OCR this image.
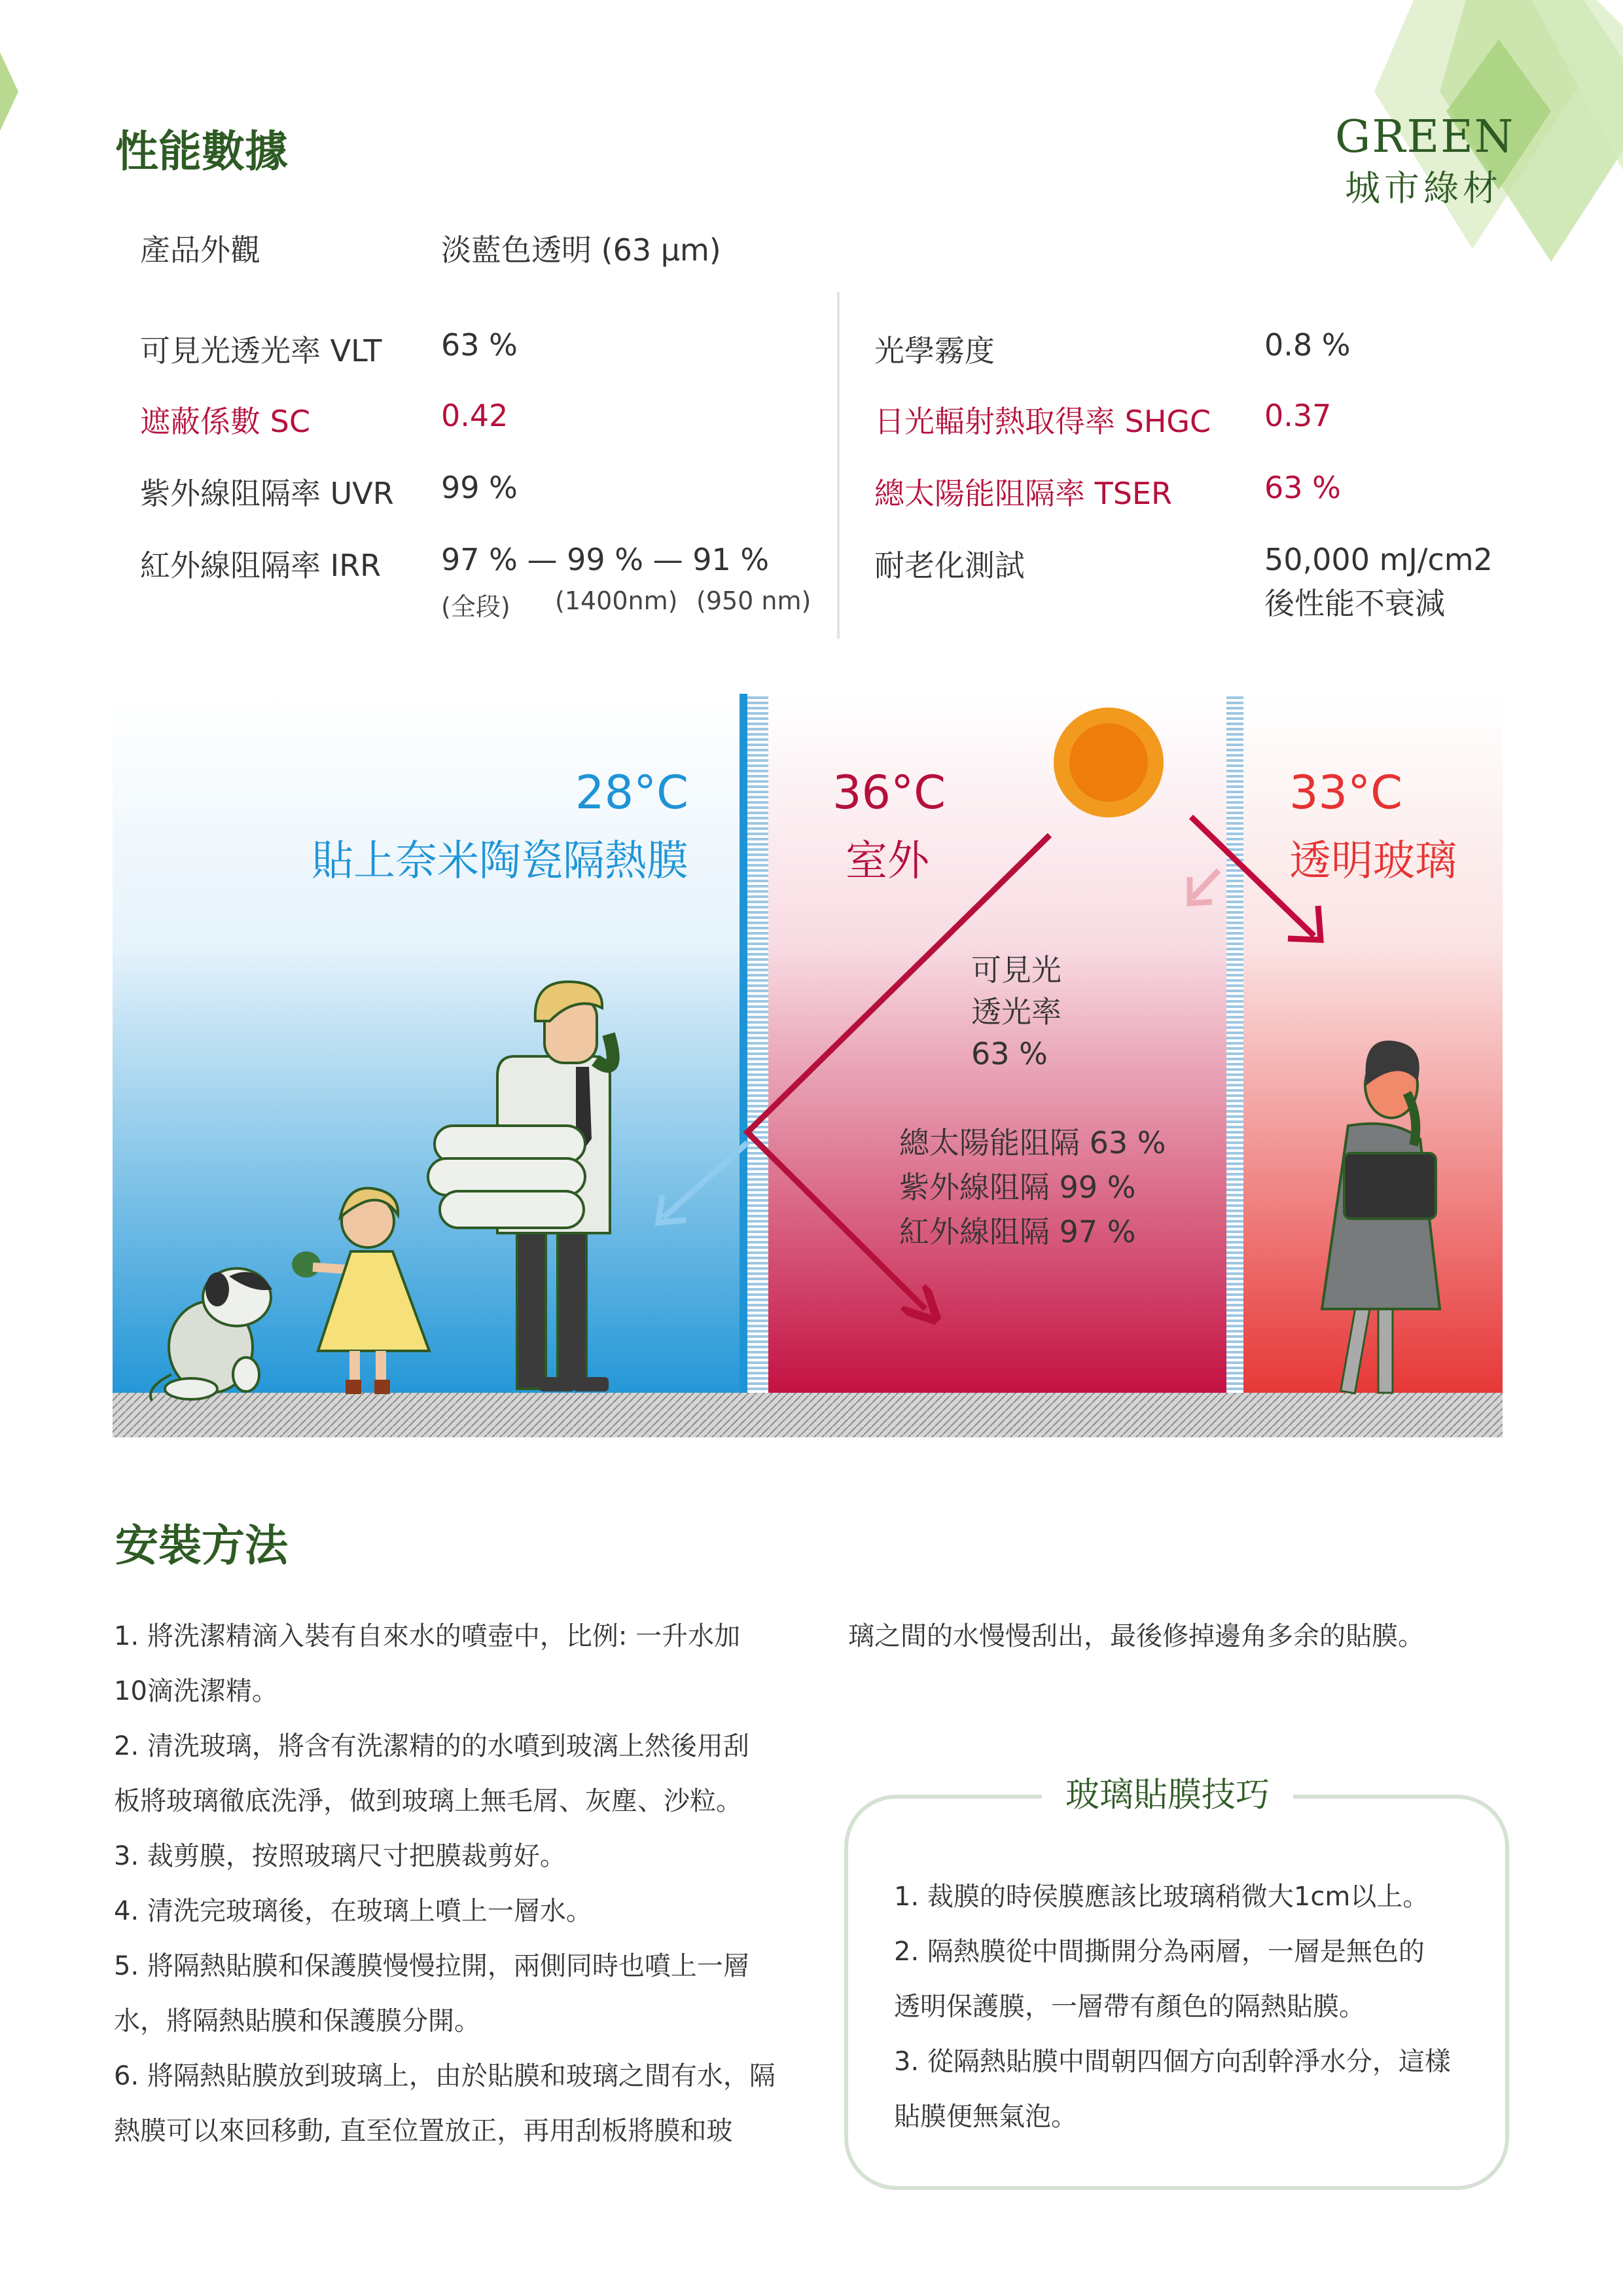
GREEN
城市綠材
性能數據
產品外觀	淡藍色透明 (63 µm)
可見光透光率 VLT 63 %
遮蔽係數 SC	0.42
紫外線阻隔率 UVR 99 %
紅外線阻隔率 IRR 97 % — 99 % — 91 %
(全段) (1400nm) (950 nm)
光學霧度	0.8 %
日光輻射熱取得率 SHGC 0.37
總太陽能阻隔率 TSER	63 %
耐老化測試	50,000 mJ/cm2
後性能不衰減
28°C
貼上奈米陶瓷隔熱膜
36°C
室外
33°C
透明玻璃
可見光
透光率
63 %
總太陽能阻隔 63 %
紫外線阻隔 99 %
紅外線阻隔 97 %
安裝方法
1. 將洗潔精滴入裝有自來水的噴壺中，比例: 一升水加
10滴洗潔精。
2. 清洗玻璃，將含有洗潔精的的水噴到玻漓上然後用刮
板將玻璃徹底洗淨，做到玻璃上無毛屑、灰塵、沙粒。
3. 裁剪膜，按照玻璃尺寸把膜裁剪好。
4. 清洗完玻璃後，在玻璃上噴上一層水。
5. 將隔熱貼膜和保護膜慢慢拉開，兩側同時也噴上一層
水，將隔熱貼膜和保護膜分開。
6. 將隔熱貼膜放到玻璃上，由於貼膜和玻璃之間有水，隔
熱膜可以來回移動, 直至位置放正，再用刮板將膜和玻
璃之間的水慢慢刮出，最後修掉邊角多余的貼膜。
玻璃貼膜技巧
1. 裁膜的時侯膜應該比玻璃稍微大1cm以上。
2. 隔熱膜從中間撕開分為兩層，一層是無色的
透明保護膜，一層帶有顏色的隔熱貼膜。
3. 從隔熱貼膜中間朝四個方向刮幹淨水分，這樣
貼膜便無氣泡。
